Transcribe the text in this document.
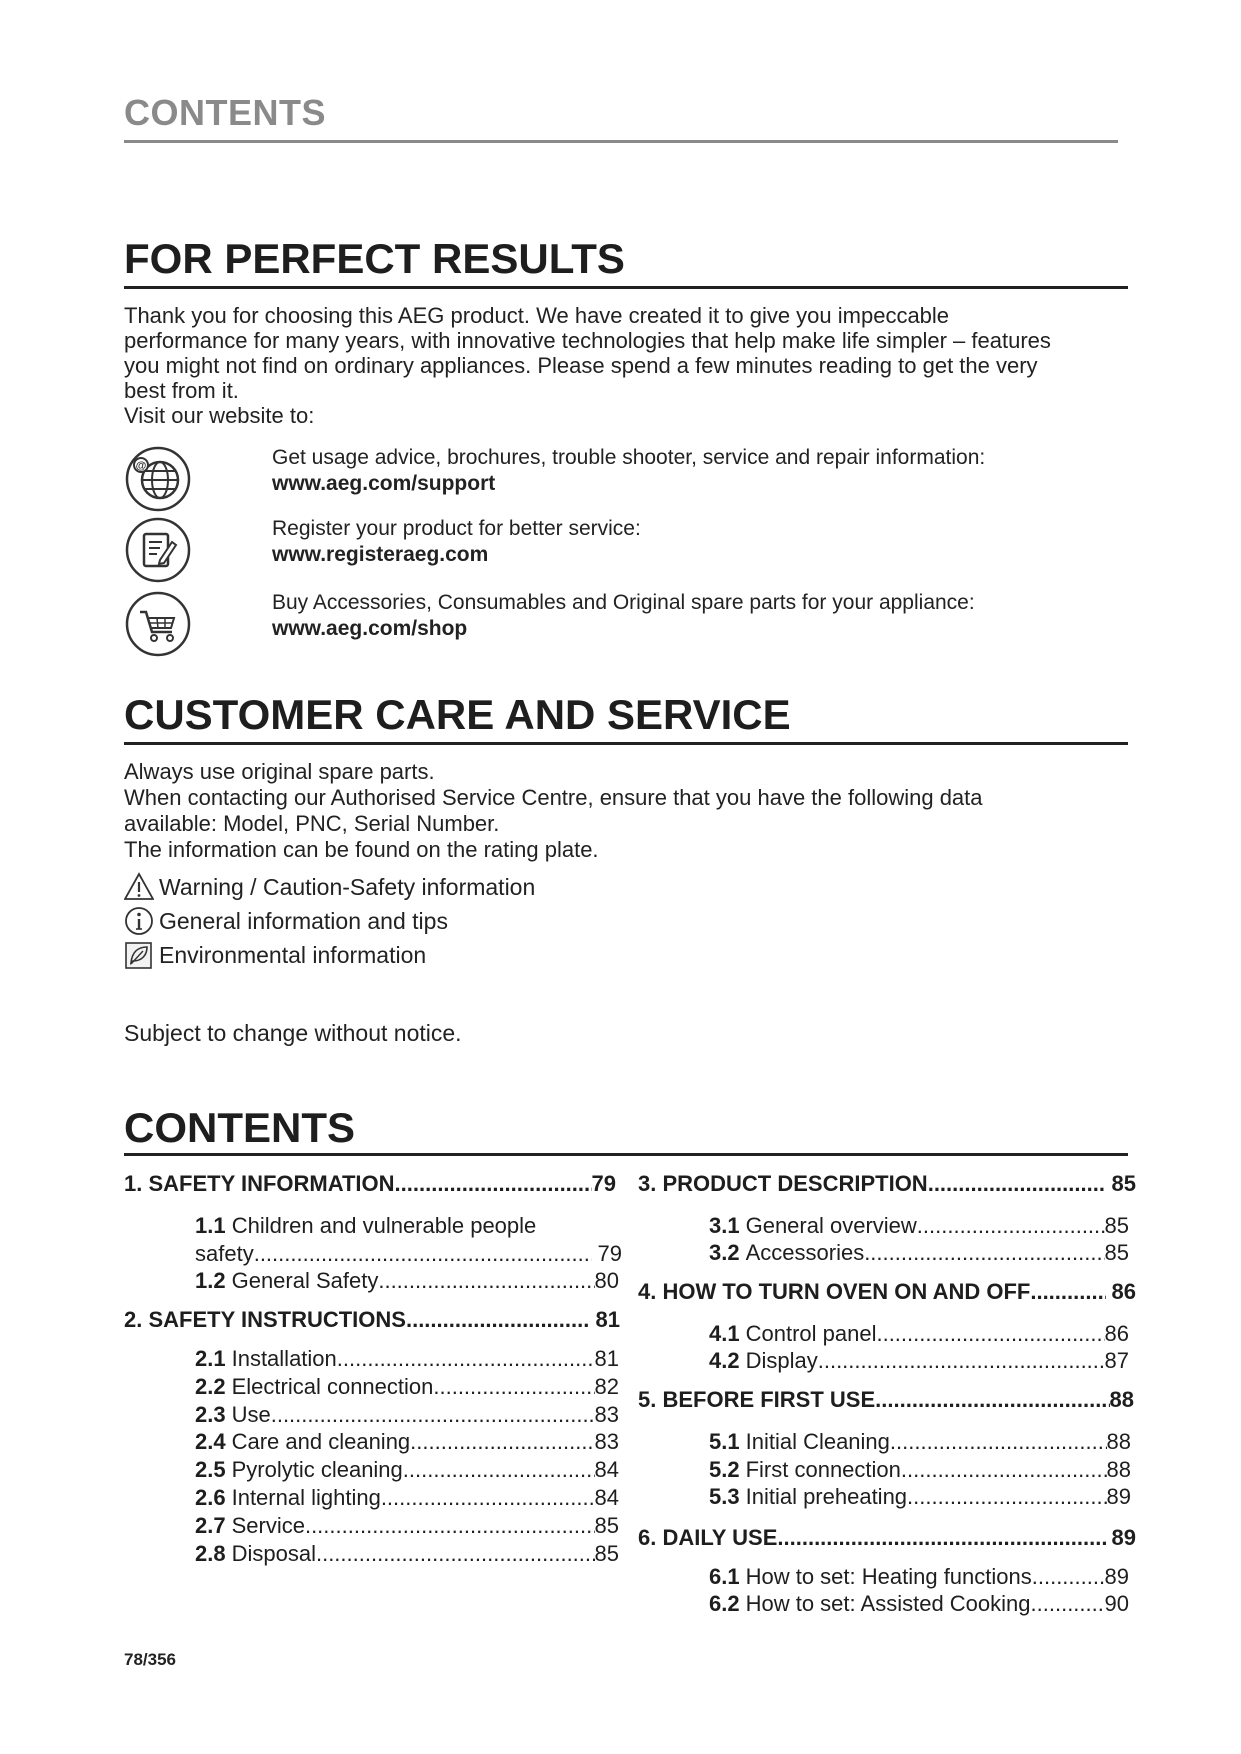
CONTENTS
FOR PERFECT RESULTS
Thank you for choosing this AEG product. We have created it to give you impeccable
performance for many years, with innovative technologies that help make life simpler – features
you might not find on ordinary appliances. Please spend a few minutes reading to get the very
best from it.
Visit our website to:
@	Get usage advice, brochures, trouble shooter, service and repair information:
www.aeg.com/support
Register your product for better service:
www.registeraeg.com
Buy Accessories, Consumables and Original spare parts for your appliance:
www.aeg.com/shop
CUSTOMER CARE AND SERVICE
Always use original spare parts.
When contacting our Authorised Service Centre, ensure that you have the following data
available: Model, PNC, Serial Number.
The information can be found on the rating plate.
Warning / Caution-Safety information
General information and tips
Environmental information
Subject to change without notice.
CONTENTS
1. SAFETY INFORMATION .....	79
1.1 Children and vulnerable people
safety .....	79
1.2 General Safety .....	80
2. SAFETY INSTRUCTIONS .....	81
2.1 Installation .....	81
2.2 Electrical connection .....	82
2.3 Use .....	83
2.4 Care and cleaning .....	83
2.5 Pyrolytic cleaning .....	84
2.6 Internal lighting .....	84
2.7 Service .....	85
2.8 Disposal .....	85
3. PRODUCT DESCRIPTION .....	85
3.1 General overview .....	85
3.2 Accessories .....	85
4. HOW TO TURN OVEN ON AND OFF .....	86
4.1 Control panel .....	86
4.2 Display .....	87
5. BEFORE FIRST USE .....	88
5.1 Initial Cleaning .....	88
5.2 First connection .....	88
5.3 Initial preheating .....	89
6. DAILY USE .....	89
6.1 How to set: Heating functions .....	89
6.2 How to set: Assisted Cooking .....	90
78/356
